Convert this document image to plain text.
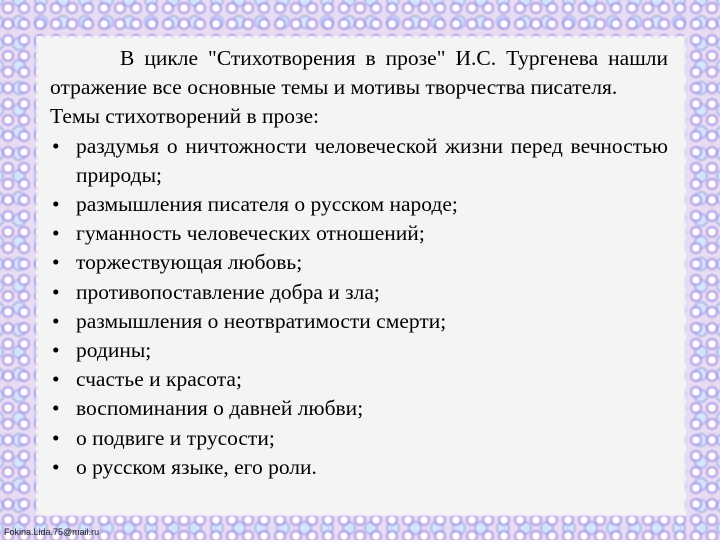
В цикле "Стихотворения в прозе" И.С. Тургенева нашли отражение все основные темы и мотивы творчества писателя.

Темы стихотворений в прозе:

• раздумья о ничтожности человеческой жизни перед вечностью природы;
• размышления писателя о русском народе;
• гуманность человеческих отношений;
• торжествующая любовь;
• противопоставление добра и зла;
• размышления о неотвратимости смерти;
• родины;
• счастье и красота;
• воспоминания о давней любви;
• о подвиге и трусости;
• о русском языке, его роли.
Fokina.Lida.75@mail.ru
